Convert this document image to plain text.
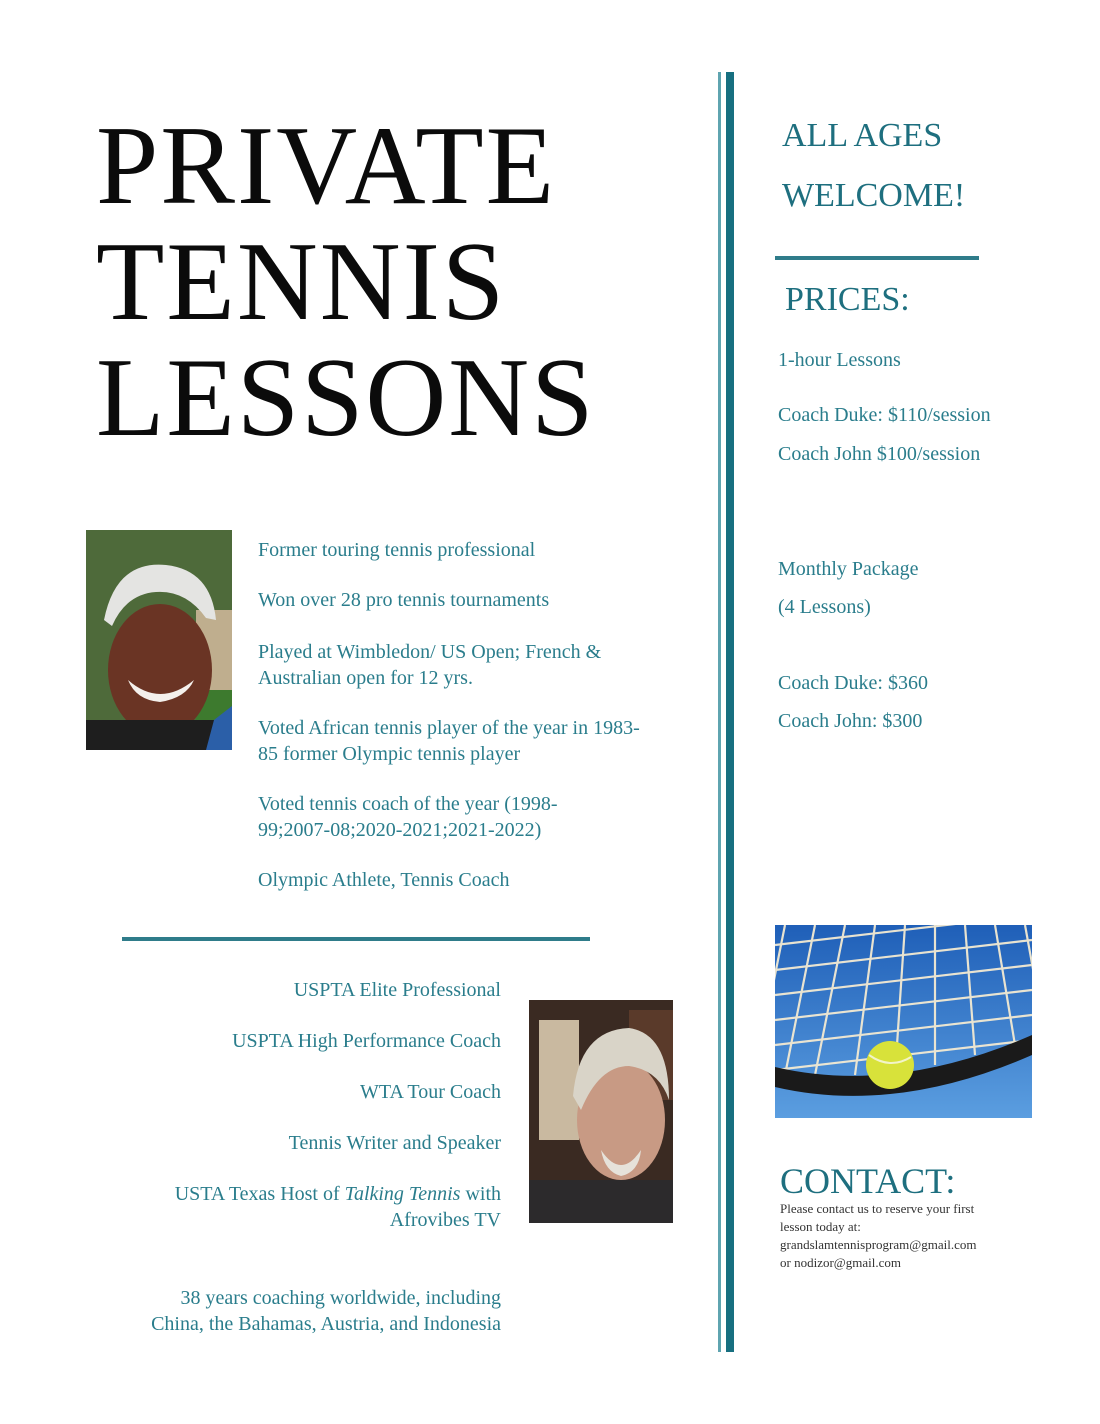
PRIVATE
TENNIS
LESSONS

Former touring tennis professional

Won over 28 pro tennis tournaments

Played at Wimbledon/ US Open; French & Australian open for 12 yrs.

Voted African tennis player of the year in 1983-85 former Olympic tennis player

Voted tennis coach of the year (1998-99;2007-08;2020-2021;2021-2022)

Olympic Athlete, Tennis Coach

USPTA Elite Professional

USPTA High Performance Coach

WTA Tour Coach

Tennis Writer and Speaker

USTA Texas Host of Talking Tennis with

Afrovibes TV

38 years coaching worldwide, including

China, the Bahamas, Austria, and Indonesia

ALL AGES
WELCOME!
PRICES:
1-hour Lessons
Coach Duke: $110/session
Coach John $100/session
Monthly Package
(4 Lessons)
Coach Duke: $360
Coach John: $300
CONTACT:
Please contact us to reserve your first
lesson today at:
grandslamtennisprogram@gmail.com
or nodizor@gmail.com
